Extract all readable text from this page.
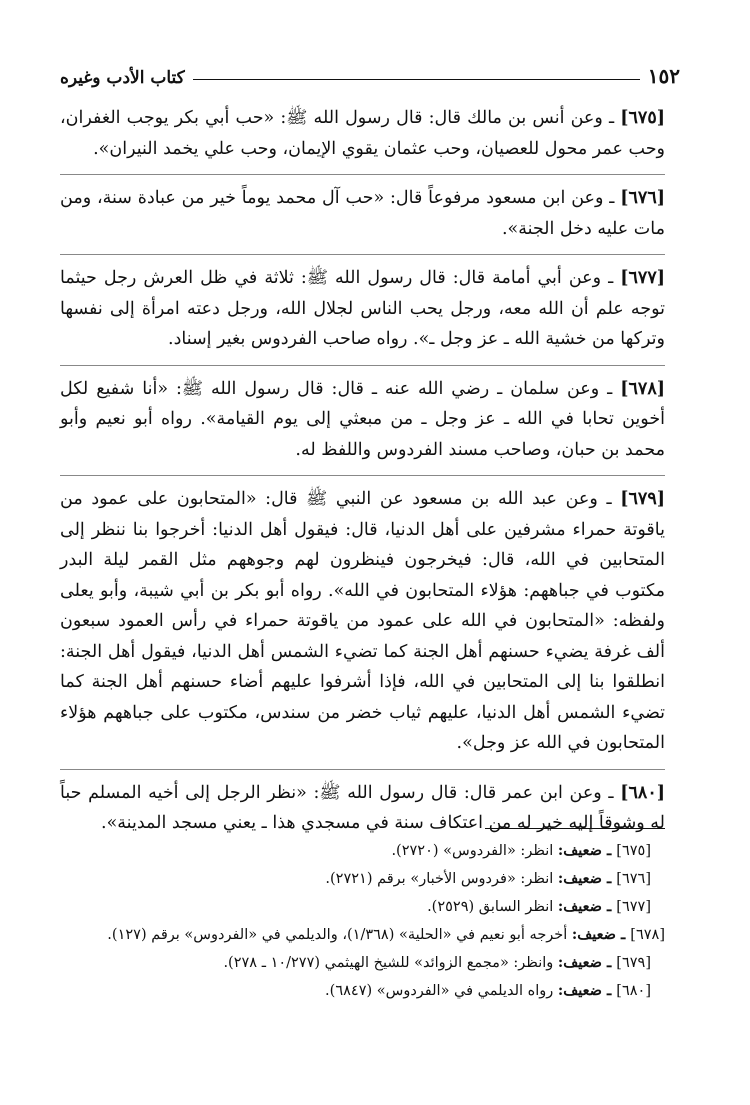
١٥٢
كتاب الأدب وغيره

[٦٧٥] ـ وعن أنس بن مالك قال: قال رسول الله ﷺ: «حب أبي بكر يوجب الغفران، وحب عمر محول للعصيان، وحب عثمان يقوي الإيمان، وحب علي يخمد النيران».

[٦٧٦] ـ وعن ابن مسعود مرفوعاً قال: «حب آل محمد يوماً خير من عبادة سنة، ومن مات عليه دخل الجنة».

[٦٧٧] ـ وعن أبي أمامة قال: قال رسول الله ﷺ: ثلاثة في ظل العرش رجل حيثما توجه علم أن الله معه، ورجل يحب الناس لجلال الله، ورجل دعته امرأة إلى نفسها وتركها من خشية الله ـ عز وجل ـ». رواه صاحب الفردوس بغير إسناد.

[٦٧٨] ـ وعن سلمان ـ رضي الله عنه ـ قال: قال رسول الله ﷺ: «أنا شفيع لكل أخوين تحابا في الله ـ عز وجل ـ من مبعثي إلى يوم القيامة». رواه أبو نعيم وأبو محمد بن حبان، وصاحب مسند الفردوس واللفظ له.

[٦٧٩] ـ وعن عبد الله بن مسعود عن النبي ﷺ قال: «المتحابون على عمود من ياقوتة حمراء مشرفين على أهل الدنيا، قال: فيقول أهل الدنيا: أخرجوا بنا ننظر إلى المتحابين في الله، قال: فيخرجون فينظرون لهم وجوههم مثل القمر ليلة البدر مكتوب في جباههم: هؤلاء المتحابون في الله». رواه أبو بكر بن أبي شيبة، وأبو يعلى ولفظه: «المتحابون في الله على عمود من ياقوتة حمراء في رأس العمود سبعون ألف غرفة يضيء حسنهم أهل الجنة كما تضيء الشمس أهل الدنيا، فيقول أهل الجنة: انطلقوا بنا إلى المتحابين في الله، فإذا أشرفوا عليهم أضاء حسنهم أهل الجنة كما تضيء الشمس أهل الدنيا، عليهم ثياب خضر من سندس، مكتوب على جباههم هؤلاء المتحابون في الله عز وجل».

[٦٨٠] ـ وعن ابن عمر قال: قال رسول الله ﷺ: «نظر الرجل إلى أخيه المسلم حباً له وشوقاً إليه خير له من اعتكاف سنة في مسجدي هذا ـ يعني مسجد المدينة».

[٦٧٥] ـ ضعيف: انظر: «الفردوس» (٢٧٢٠).

[٦٧٦] ـ ضعيف: انظر: «فردوس الأخبار» برقم (٢٧٢١).

[٦٧٧] ـ ضعيف: انظر السابق (٢٥٢٩).

[٦٧٨] ـ ضعيف: أخرجه أبو نعيم في «الحلية» (١/٣٦٨)، والديلمي في «الفردوس» برقم (١٢٧).

[٦٧٩] ـ ضعيف: وانظر: «مجمع الزوائد» للشيخ الهيثمي (١٠/٢٧٧ ـ ٢٧٨).

[٦٨٠] ـ ضعيف: رواه الديلمي في «الفردوس» (٦٨٤٧).
